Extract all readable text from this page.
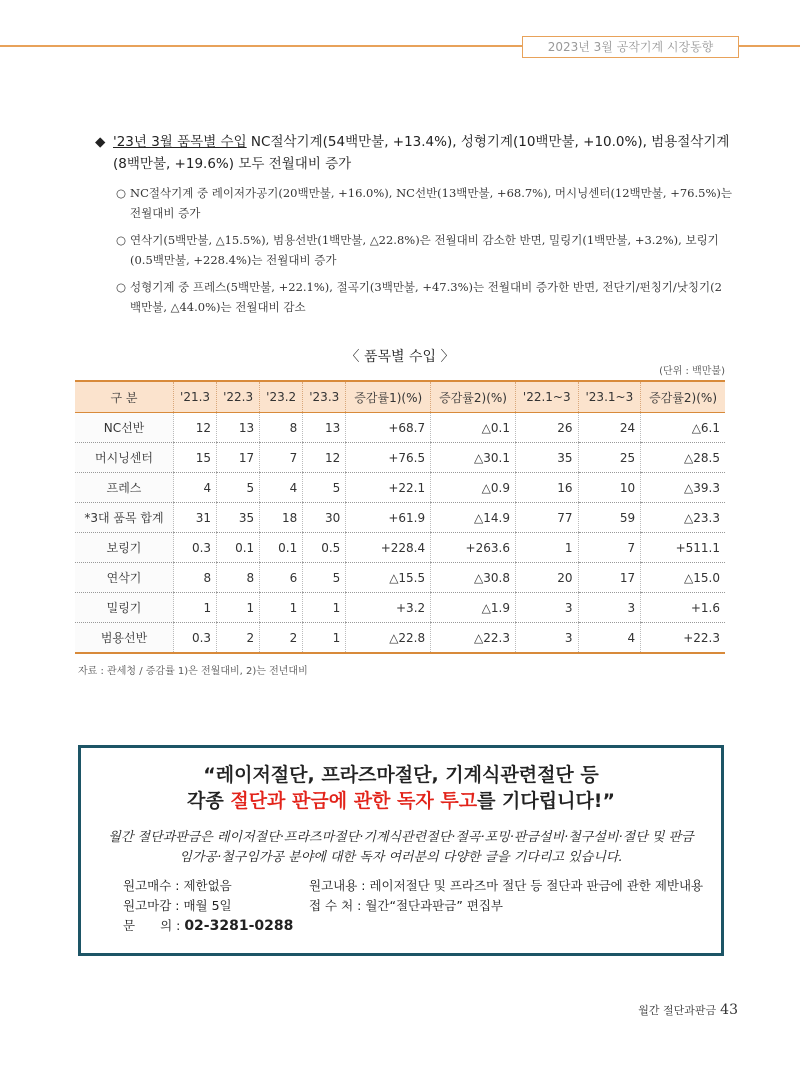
2023년 3월 공작기계 시장동향
◆ '23년 3월 품목별 수입 NC절삭기계(54백만불, +13.4%), 성형기계(10백만불, +10.0%), 범용절삭기계 (8백만불, +19.6%) 모두 전월대비 증가
○ NC절삭기계 중 레이저가공기(20백만불, +16.0%), NC선반(13백만불, +68.7%), 머시닝센터(12백만불, +76.5%)는 전월대비 증가
○ 연삭기(5백만불, △15.5%), 범용선반(1백만불, △22.8%)은 전월대비 감소한 반면, 밀링기(1백만불, +3.2%), 보링기(0.5백만불, +228.4%)는 전월대비 증가
○ 성형기계 중 프레스(5백만불, +22.1%), 절곡기(3백만불, +47.3%)는 전월대비 증가한 반면, 전단기/펀칭기/낫칭기(2백만불, △44.0%)는 전월대비 감소
〈 품목별 수입 〉
(단위 : 백만불)
구 분	'21.3	'22.3	'23.2	'23.3	증감률1)(%)	증감률2)(%)	'22.1~3	'23.1~3	증감률2)(%)
NC선반	12	13	8	13	+68.7	△0.1	26	24	△6.1
머시닝센터	15	17	7	12	+76.5	△30.1	35	25	△28.5
프레스	4	5	4	5	+22.1	△0.9	16	10	△39.3
*3대 품목 합계	31	35	18	30	+61.9	△14.9	77	59	△23.3
보링기	0.3	0.1	0.1	0.5	+228.4	+263.6	1	7	+511.1
연삭기	8	8	6	5	△15.5	△30.8	20	17	△15.0
밀링기	1	1	1	1	+3.2	△1.9	3	3	+1.6
범용선반	0.3	2	2	1	△22.8	△22.3	3	4	+22.3
자료 : 관세청 / 증감률 1)은 전월대비, 2)는 전년대비
“레이저절단, 프라즈마절단, 기계식관련절단 등
각종 절단과 판금에 관한 독자 투고를 기다립니다!”
월간 절단과판금은 레이저절단·프라즈마절단·기계식관련절단·절곡·포밍·판금설비·철구설비·절단 및 판금
임가공·철구임가공 분야에 대한 독자 여러분의 다양한 글을 기다리고 있습니다.
원고매수 : 제한없음
원고마감 : 매월 5일
문　　의 : 02-3281-0288
원고내용 : 레이저절단 및 프라즈마 절단 등 절단과 판금에 관한 제반내용
접 수 처 : 월간“절단과판금” 편집부
월간 절단과판금 43
